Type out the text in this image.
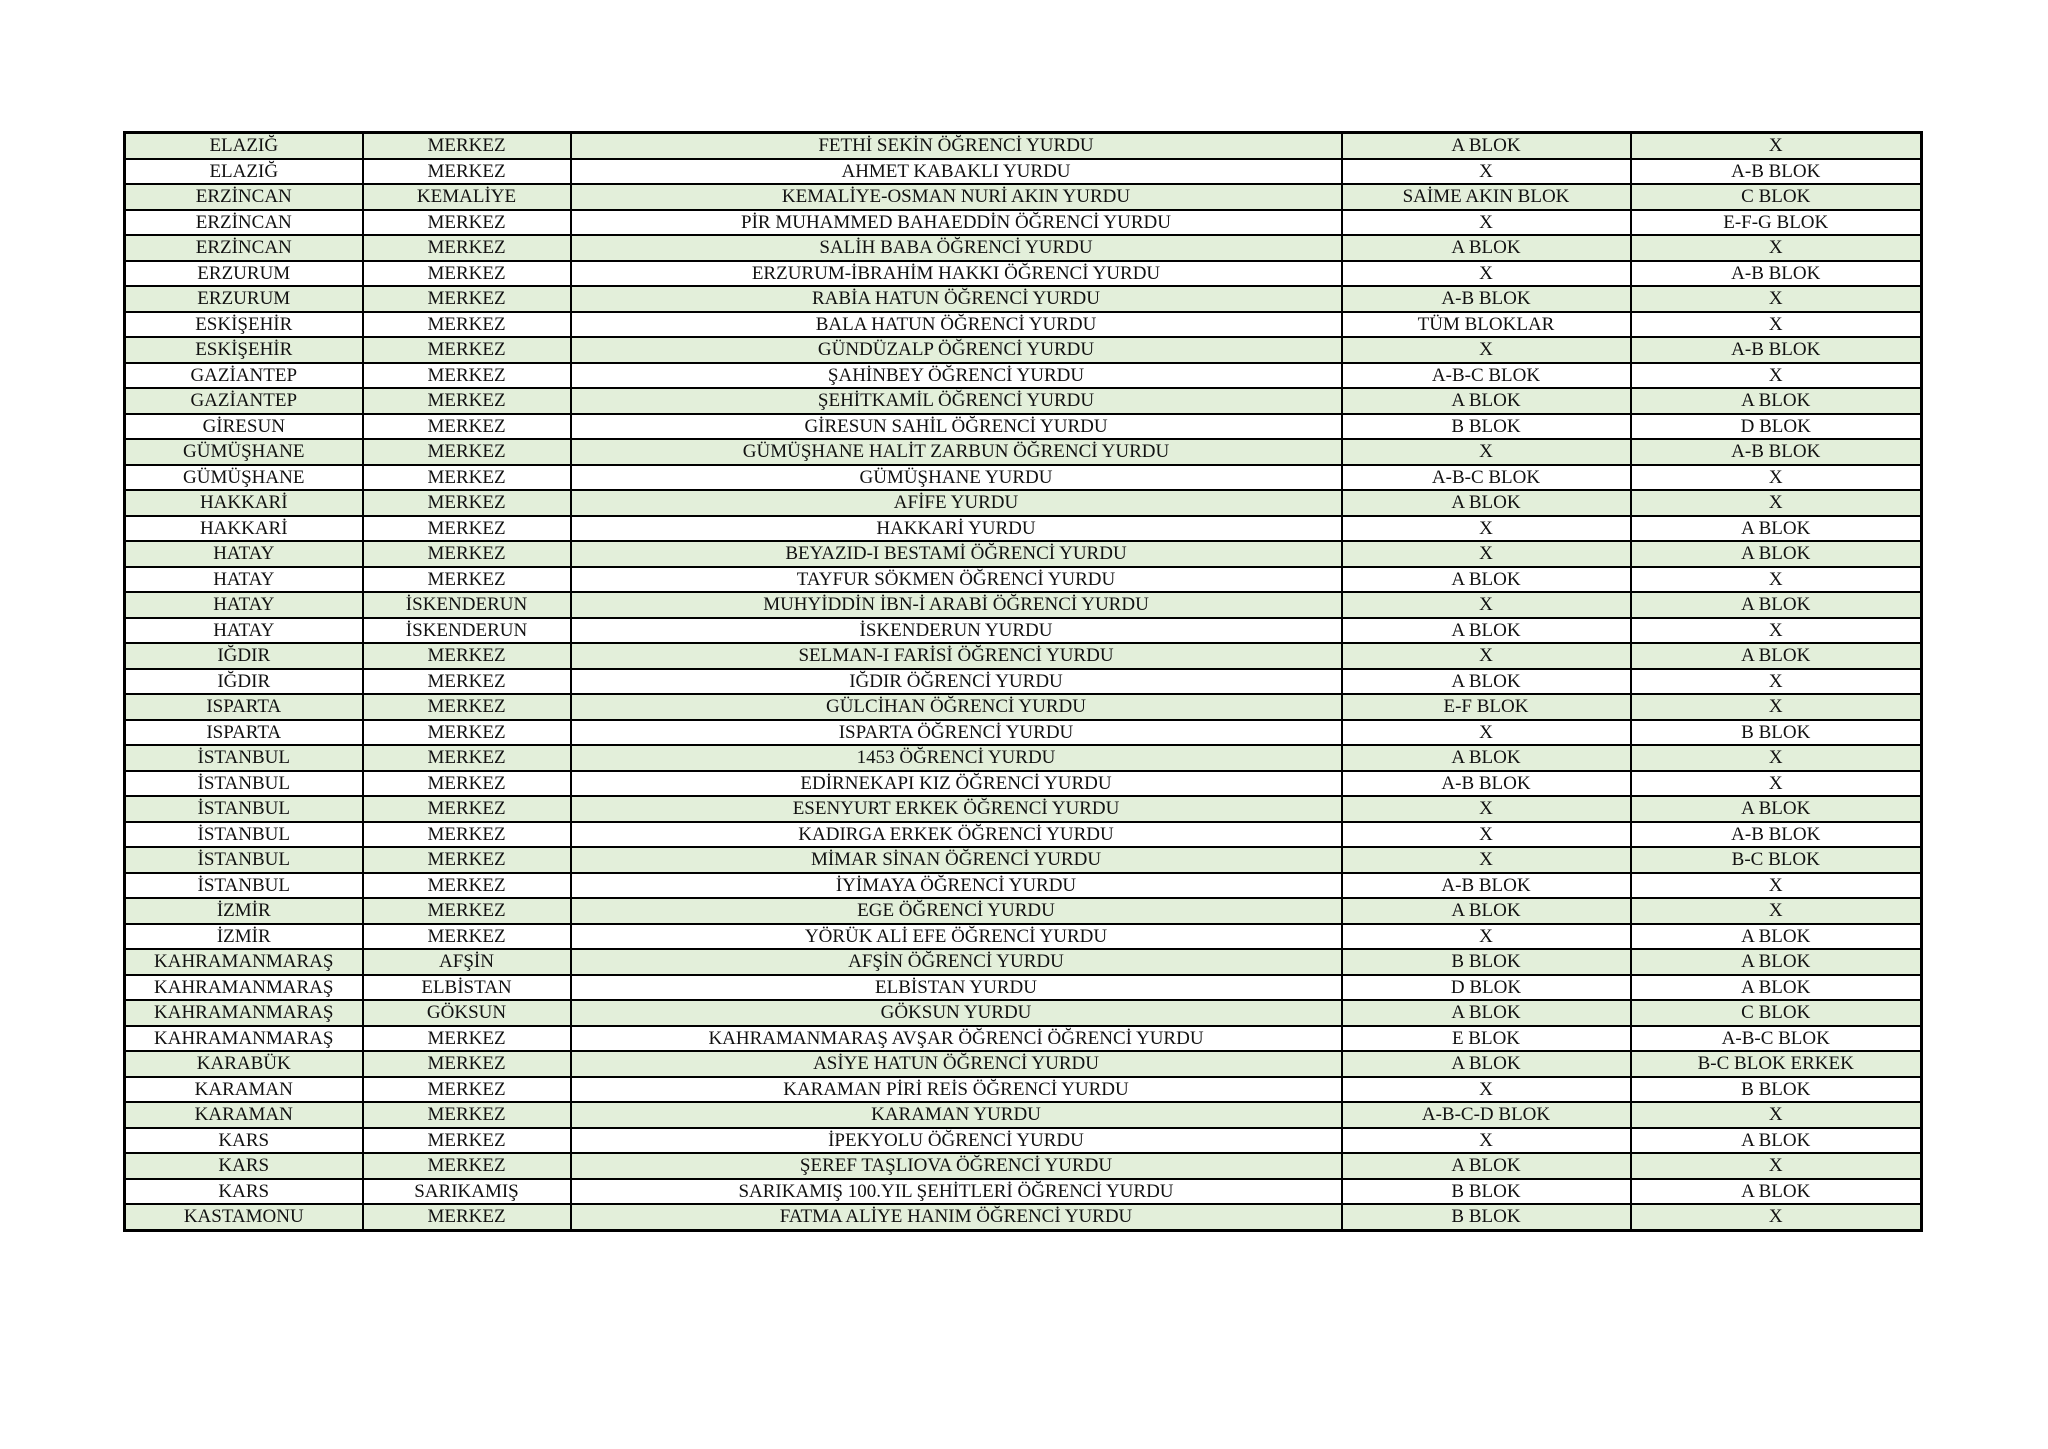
ELAZIĞ	MERKEZ	FETHİ SEKİN ÖĞRENCİ YURDU	A BLOK	X
ELAZIĞ	MERKEZ	AHMET KABAKLI YURDU	X	A-B BLOK
ERZİNCAN	KEMALİYE	KEMALİYE-OSMAN NURİ AKIN YURDU	SAİME AKIN BLOK	C BLOK
ERZİNCAN	MERKEZ	PİR MUHAMMED BAHAEDDİN ÖĞRENCİ YURDU	X	E-F-G BLOK
ERZİNCAN	MERKEZ	SALİH BABA ÖĞRENCİ YURDU	A BLOK	X
ERZURUM	MERKEZ	ERZURUM-İBRAHİM HAKKI ÖĞRENCİ YURDU	X	A-B BLOK
ERZURUM	MERKEZ	RABİA HATUN ÖĞRENCİ YURDU	A-B BLOK	X
ESKİŞEHİR	MERKEZ	BALA HATUN ÖĞRENCİ YURDU	TÜM BLOKLAR	X
ESKİŞEHİR	MERKEZ	GÜNDÜZALP ÖĞRENCİ YURDU	X	A-B BLOK
GAZİANTEP	MERKEZ	ŞAHİNBEY ÖĞRENCİ YURDU	A-B-C BLOK	X
GAZİANTEP	MERKEZ	ŞEHİTKAMİL ÖĞRENCİ YURDU	A BLOK	A BLOK
GİRESUN	MERKEZ	GİRESUN SAHİL ÖĞRENCİ YURDU	B BLOK	D BLOK
GÜMÜŞHANE	MERKEZ	GÜMÜŞHANE HALİT ZARBUN ÖĞRENCİ YURDU	X	A-B BLOK
GÜMÜŞHANE	MERKEZ	GÜMÜŞHANE YURDU	A-B-C BLOK	X
HAKKARİ	MERKEZ	AFİFE YURDU	A BLOK	X
HAKKARİ	MERKEZ	HAKKARİ YURDU	X	A BLOK
HATAY	MERKEZ	BEYAZID-I BESTAMİ ÖĞRENCİ YURDU	X	A BLOK
HATAY	MERKEZ	TAYFUR SÖKMEN ÖĞRENCİ YURDU	A BLOK	X
HATAY	İSKENDERUN	MUHYİDDİN İBN-İ ARABİ ÖĞRENCİ YURDU	X	A BLOK
HATAY	İSKENDERUN	İSKENDERUN YURDU	A BLOK	X
IĞDIR	MERKEZ	SELMAN-I FARİSİ ÖĞRENCİ YURDU	X	A BLOK
IĞDIR	MERKEZ	IĞDIR ÖĞRENCİ YURDU	A BLOK	X
ISPARTA	MERKEZ	GÜLCİHAN ÖĞRENCİ YURDU	E-F BLOK	X
ISPARTA	MERKEZ	ISPARTA ÖĞRENCİ YURDU	X	B BLOK
İSTANBUL	MERKEZ	1453 ÖĞRENCİ YURDU	A BLOK	X
İSTANBUL	MERKEZ	EDİRNEKAPI KIZ ÖĞRENCİ YURDU	A-B BLOK	X
İSTANBUL	MERKEZ	ESENYURT ERKEK ÖĞRENCİ YURDU	X	A BLOK
İSTANBUL	MERKEZ	KADIRGA ERKEK ÖĞRENCİ YURDU	X	A-B BLOK
İSTANBUL	MERKEZ	MİMAR SİNAN ÖĞRENCİ YURDU	X	B-C BLOK
İSTANBUL	MERKEZ	İYİMAYA ÖĞRENCİ YURDU	A-B BLOK	X
İZMİR	MERKEZ	EGE ÖĞRENCİ YURDU	A BLOK	X
İZMİR	MERKEZ	YÖRÜK ALİ EFE ÖĞRENCİ YURDU	X	A BLOK
KAHRAMANMARAŞ	AFŞİN	AFŞİN ÖĞRENCİ YURDU	B BLOK	A BLOK
KAHRAMANMARAŞ	ELBİSTAN	ELBİSTAN YURDU	D BLOK	A BLOK
KAHRAMANMARAŞ	GÖKSUN	GÖKSUN YURDU	A BLOK	C BLOK
KAHRAMANMARAŞ	MERKEZ	KAHRAMANMARAŞ AVŞAR ÖĞRENCİ ÖĞRENCİ YURDU	E BLOK	A-B-C BLOK
KARABÜK	MERKEZ	ASİYE HATUN ÖĞRENCİ YURDU	A BLOK	B-C BLOK ERKEK
KARAMAN	MERKEZ	KARAMAN PİRİ REİS ÖĞRENCİ YURDU	X	B BLOK
KARAMAN	MERKEZ	KARAMAN YURDU	A-B-C-D BLOK	X
KARS	MERKEZ	İPEKYOLU ÖĞRENCİ YURDU	X	A BLOK
KARS	MERKEZ	ŞEREF TAŞLIOVA ÖĞRENCİ YURDU	A BLOK	X
KARS	SARIKAMIŞ	SARIKAMIŞ 100.YIL ŞEHİTLERİ ÖĞRENCİ YURDU	B BLOK	A BLOK
KASTAMONU	MERKEZ	FATMA ALİYE HANIM ÖĞRENCİ YURDU	B BLOK	X
